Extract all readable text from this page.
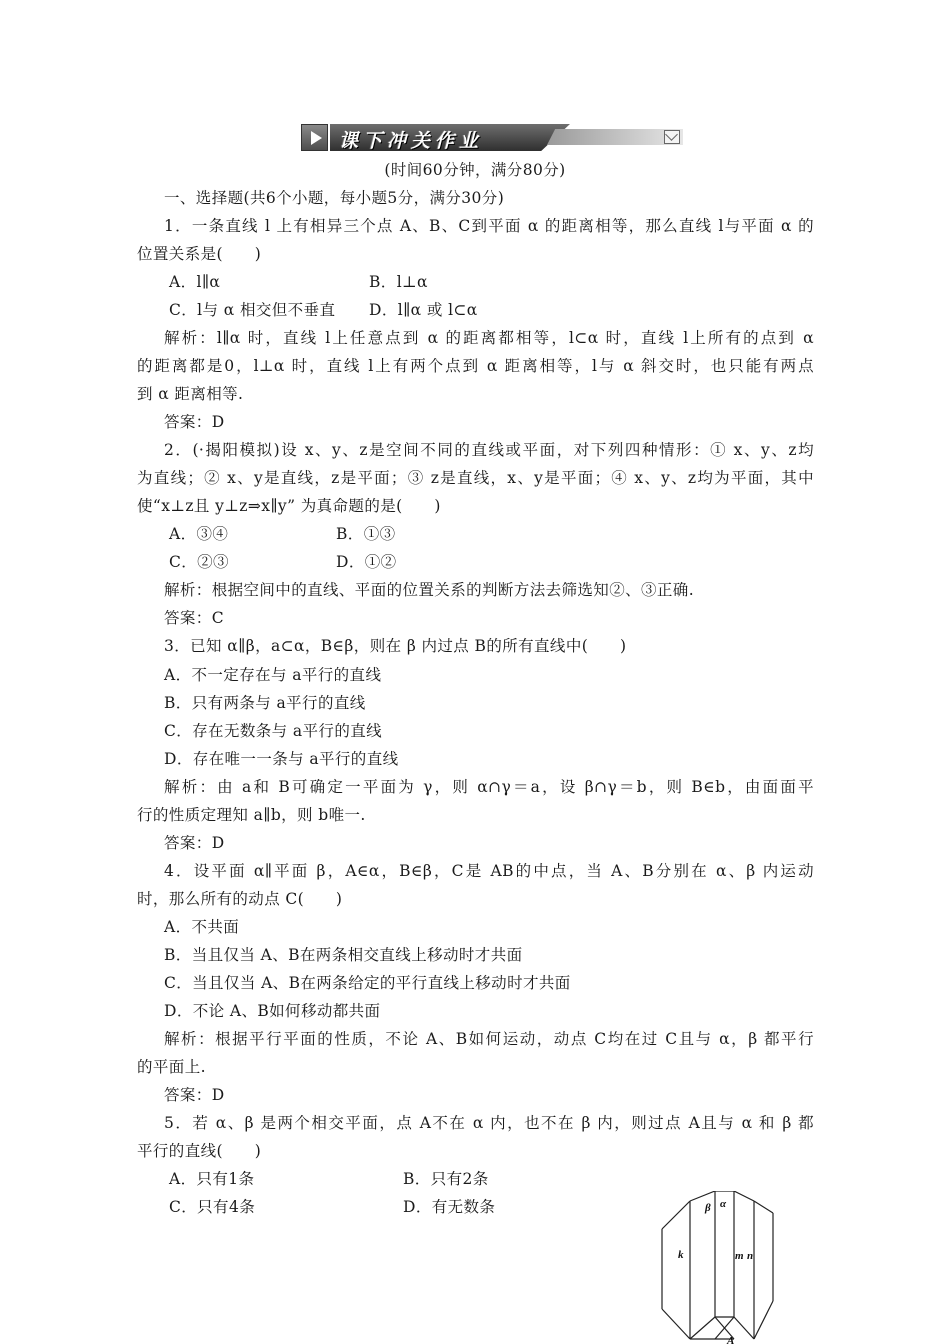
课下冲关作业
(时间60分钟，满分80分)
一、选择题(共6个小题，每小题5分，满分30分)
1．一条直线 l 上有相异三个点 A、B、C到平面 α 的距离相等，那么直线 l与平面 α 的
位置关系是(　　)
A．l∥α	B．l⊥α
C．l与 α 相交但不垂直 D．l∥α 或 l⊂α
解析：l∥α 时，直线 l上任意点到 α 的距离都相等，l⊂α 时，直线 l上所有的点到 α
的距离都是0，l⊥α 时，直线 l上有两个点到 α 距离相等，l与 α 斜交时，也只能有两点
到 α 距离相等.
答案：D
2．(·揭阳模拟)设 x、y、z是空间不同的直线或平面，对下列四种情形：① x、y、z均
为直线；② x、y是直线，z是平面；③ z是直线，x、y是平面；④ x、y、z均为平面，其中
使“x⊥z且 y⊥z⇒x∥y” 为真命题的是(　　)
A．③④	B．①③
C．②③	D．①②
解析：根据空间中的直线、平面的位置关系的判断方法去筛选知②、③正确.
答案：C
3．已知 α∥β，a⊂α，B∈β，则在 β 内过点 B的所有直线中(　　)
A．不一定存在与 a平行的直线
B．只有两条与 a平行的直线
C．存在无数条与 a平行的直线
D．存在唯一一条与 a平行的直线
解析：由 a和 B可确定一平面为 γ，则 α∩γ＝a，设 β∩γ＝b，则 B∈b，由面面平
行的性质定理知 a∥b，则 b唯一.
答案：D
4．设平面 α∥平面 β，A∈α，B∈β，C是 AB的中点，当 A、B分别在 α、β 内运动
时，那么所有的动点 C(　　)
A．不共面
B．当且仅当 A、B在两条相交直线上移动时才共面
C．当且仅当 A、B在两条给定的平行直线上移动时才共面
D．不论 A、B如何移动都共面
解析：根据平行平面的性质，不论 A、B如何运动，动点 C均在过 C且与 α，β 都平行
的平面上.
答案：D
5．若 α、β 是两个相交平面，点 A不在 α 内，也不在 β 内，则过点 A且与 α 和 β 都
平行的直线(　　)
A．只有1条	B．只有2条
C．只有4条	D．有无数条	β α
k	m n
A
